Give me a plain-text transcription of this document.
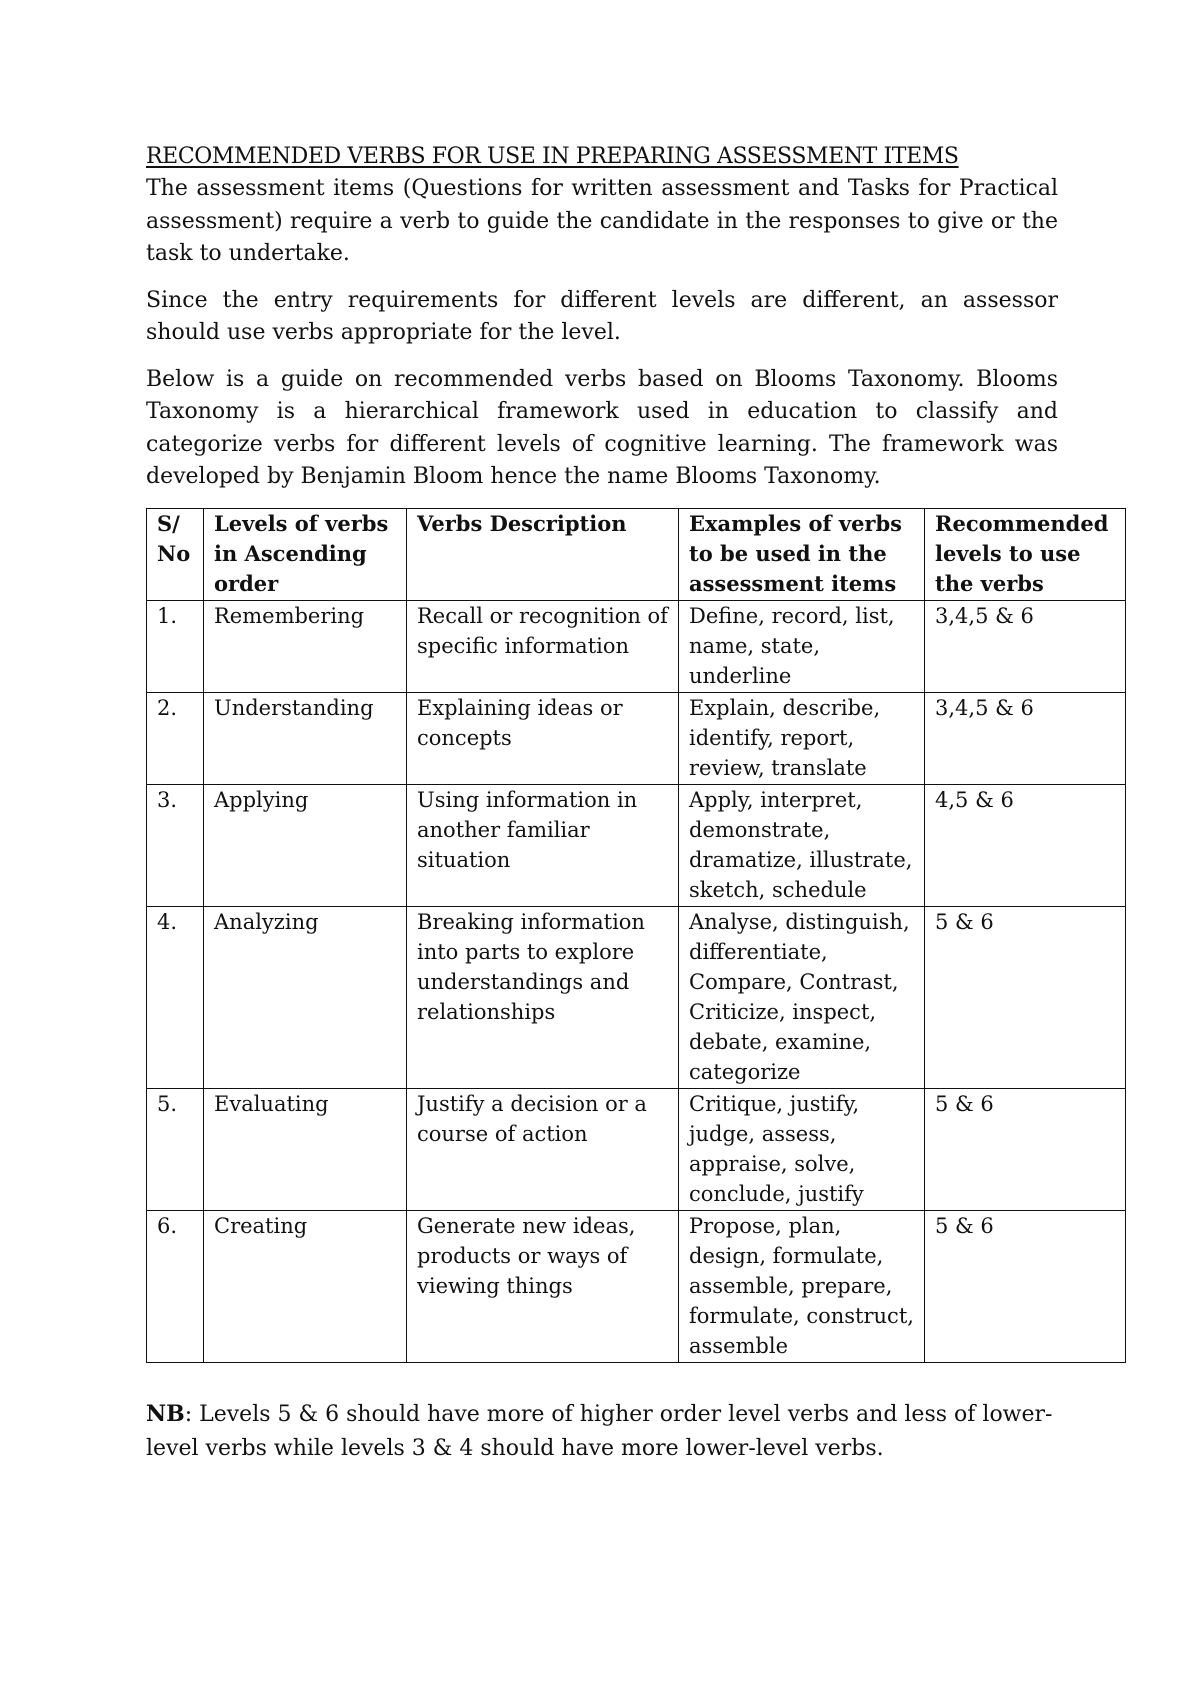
RECOMMENDED VERBS FOR USE IN PREPARING ASSESSMENT ITEMS

The assessment items (Questions for written assessment and Tasks for Practical assessment) require a verb to guide the candidate in the responses to give or the task to undertake.

Since the entry requirements for different levels are different, an assessor should use verbs appropriate for the level.

Below is a guide on recommended verbs based on Blooms Taxonomy. Blooms Taxonomy is a hierarchical framework used in education to classify and categorize verbs for different levels of cognitive learning. The framework was developed by Benjamin Bloom hence the name Blooms Taxonomy.

S/ No	Levels of verbs in Ascending order	Verbs Description	Examples of verbs to be used in the assessment items	Recommended levels to use the verbs
1.	Remembering	Recall or recognition of specific information	Define, record, list, name, state, underline	3,4,5 & 6
2.	Understanding	Explaining ideas or concepts	Explain, describe, identify, report, review, translate	3,4,5 & 6
3.	Applying	Using information in another familiar situation	Apply, interpret, demonstrate, dramatize, illustrate, sketch, schedule	4,5 & 6
4.	Analyzing	Breaking information into parts to explore understandings and relationships	Analyse, distinguish, differentiate, Compare, Contrast, Criticize, inspect, debate, examine, categorize	5 & 6
5.	Evaluating	Justify a decision or a course of action	Critique, justify, judge, assess, appraise, solve, conclude, justify	5 & 6
6.	Creating	Generate new ideas, products or ways of viewing things	Propose, plan, design, formulate, assemble, prepare, formulate, construct, assemble	5 & 6

NB: Levels 5 & 6 should have more of higher order level verbs and less of lower-level verbs while levels 3 & 4 should have more lower-level verbs.
